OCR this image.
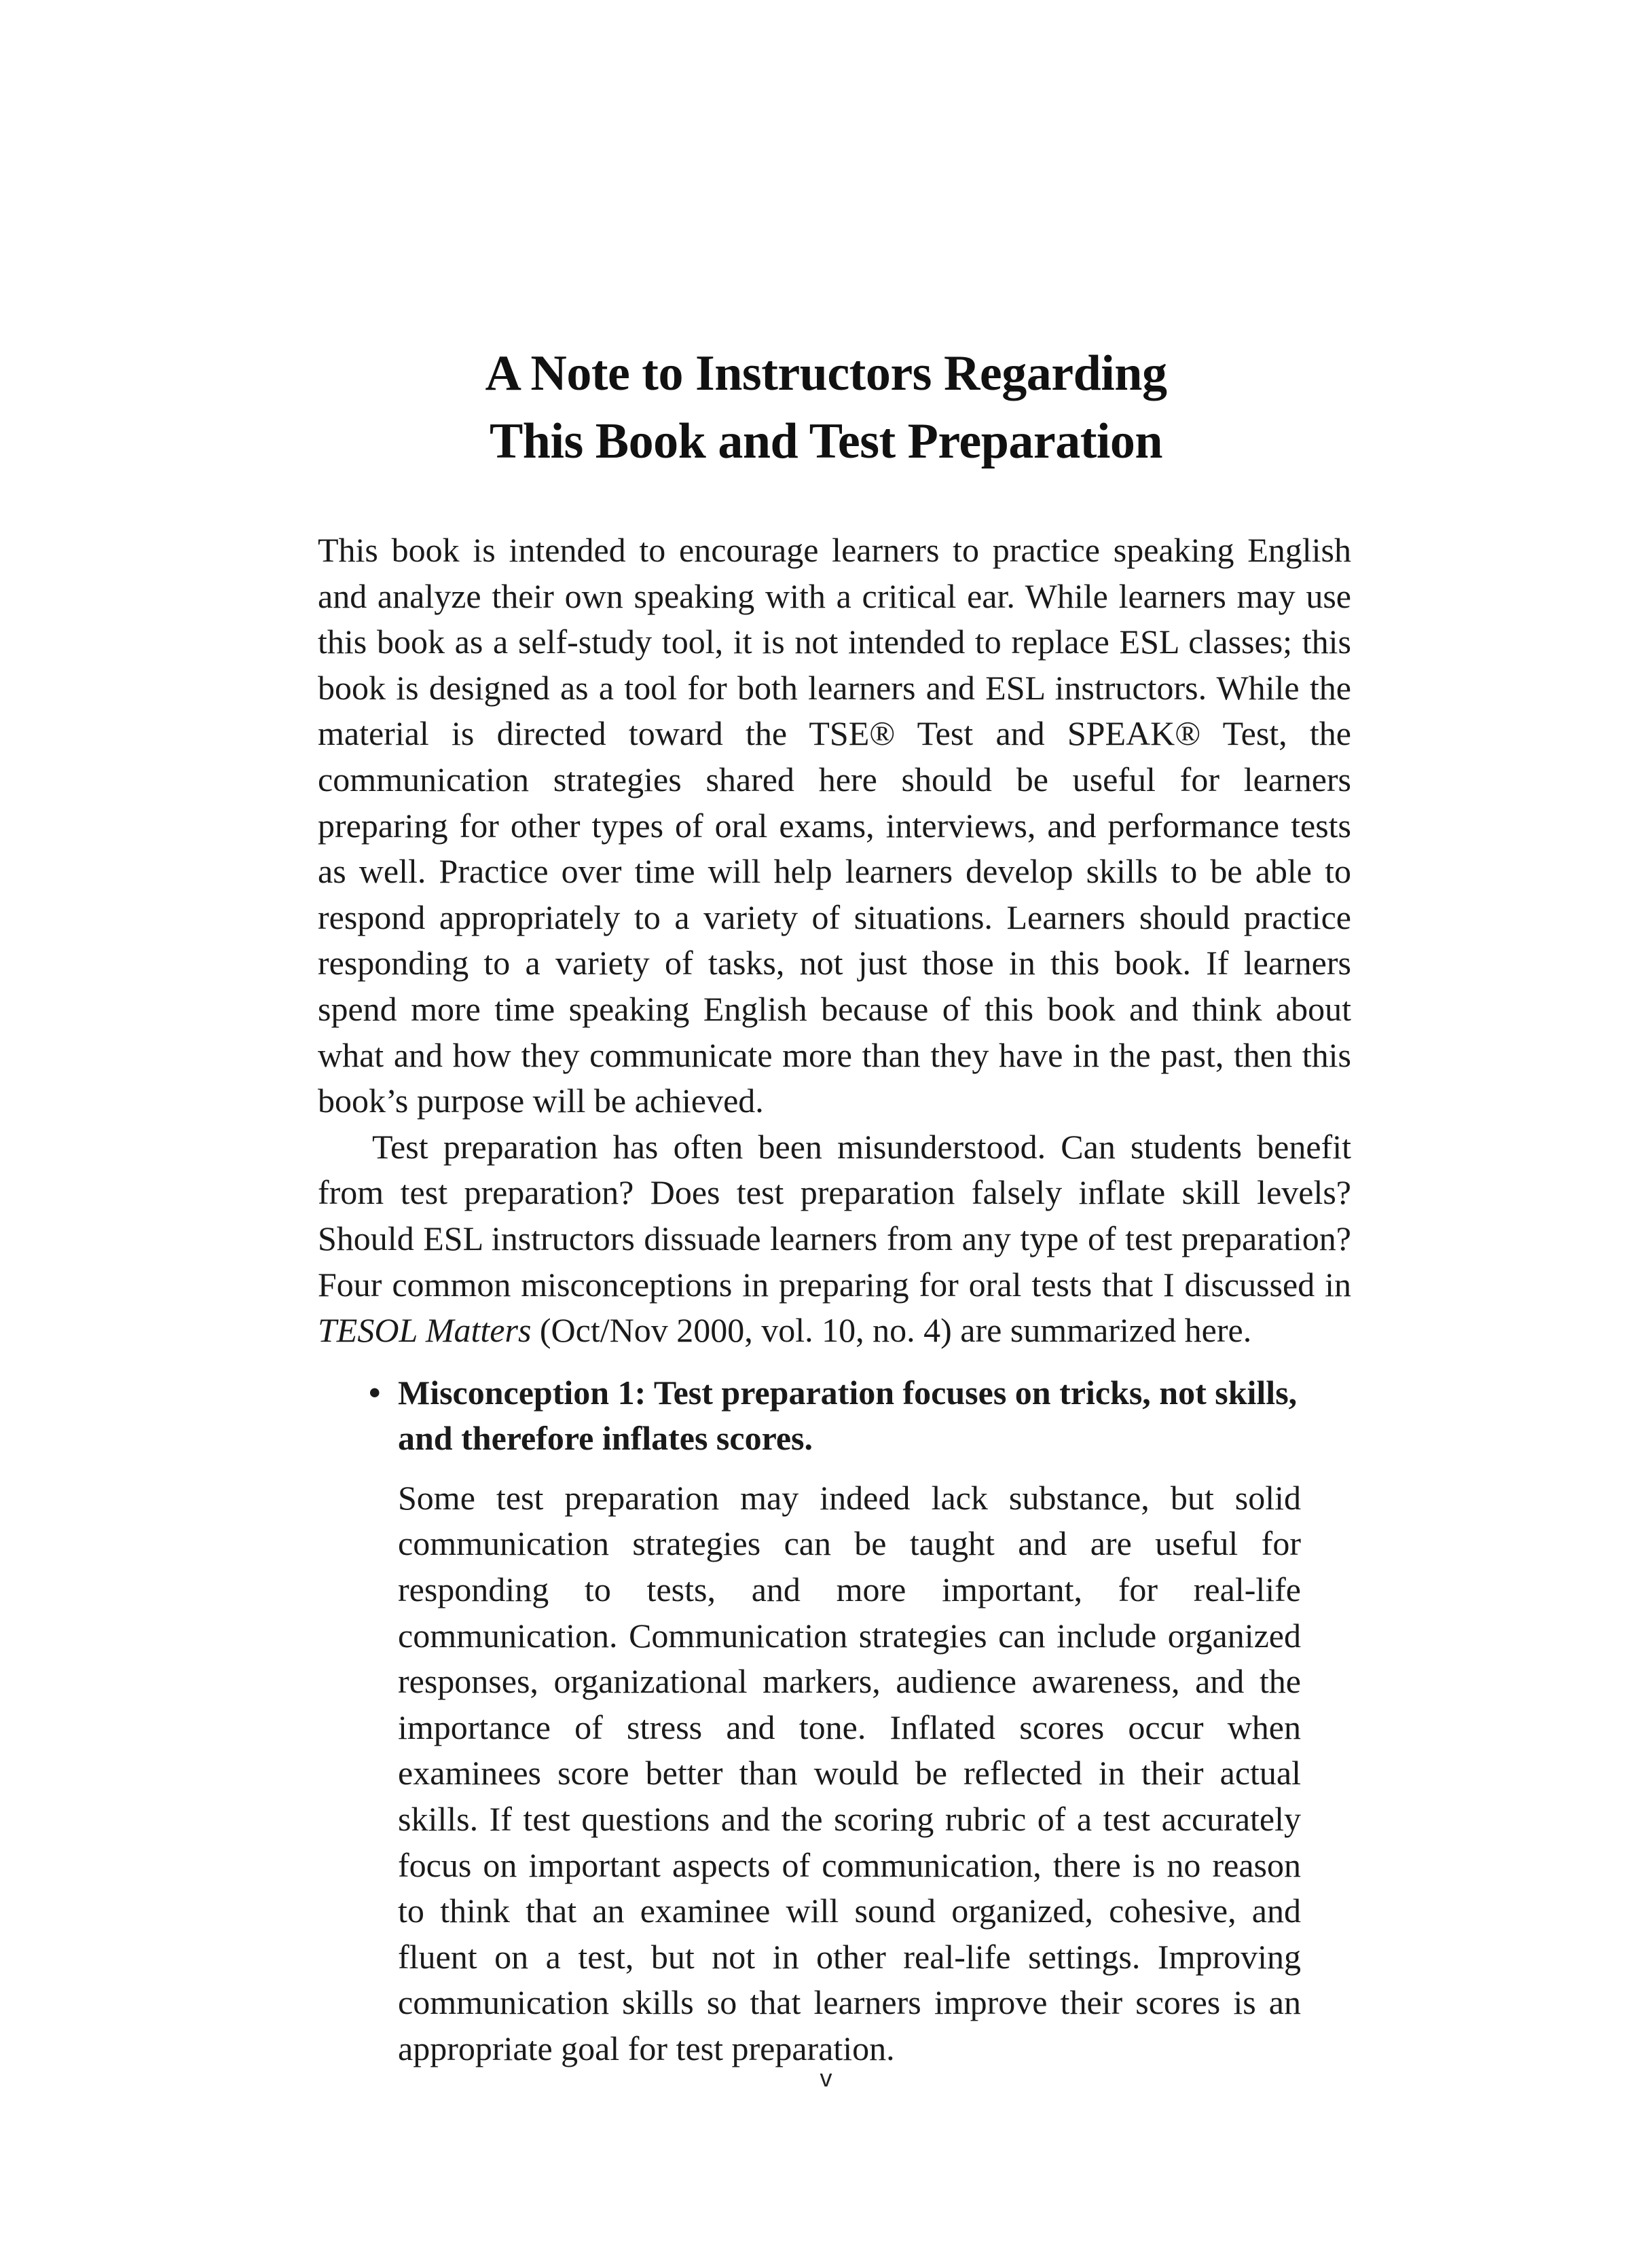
A Note to Instructors Regarding
This Book and Test Preparation

This book is intended to encourage learners to practice speaking English and analyze their own speaking with a critical ear. While learners may use this book as a self-study tool, it is not intended to replace ESL classes; this book is designed as a tool for both learners and ESL instructors. While the material is directed toward the TSE® Test and SPEAK® Test, the communication strategies shared here should be useful for learners preparing for other types of oral exams, interviews, and performance tests as well. Practice over time will help learners develop skills to be able to respond appropriately to a variety of situations. Learners should practice responding to a variety of tasks, not just those in this book. If learners spend more time speaking English because of this book and think about what and how they communicate more than they have in the past, then this book’s purpose will be achieved.

Test preparation has often been misunderstood. Can students benefit from test preparation? Does test preparation falsely inflate skill levels? Should ESL instructors dissuade learners from any type of test preparation? Four common misconceptions in preparing for oral tests that I discussed in TESOL Matters (Oct/Nov 2000, vol. 10, no. 4) are summarized here.

• Misconception 1: Test preparation focuses on tricks, not skills, and therefore inflates scores.

Some test preparation may indeed lack substance, but solid communication strategies can be taught and are useful for responding to tests, and more important, for real-life communication. Communication strategies can include organized responses, organizational markers, audience awareness, and the importance of stress and tone. Inflated scores occur when examinees score better than would be reflected in their actual skills. If test questions and the scoring rubric of a test accurately focus on important aspects of communication, there is no reason to think that an examinee will sound organized, cohesive, and fluent on a test, but not in other real-life settings. Improving communication skills so that learners improve their scores is an appropriate goal for test preparation.

v
